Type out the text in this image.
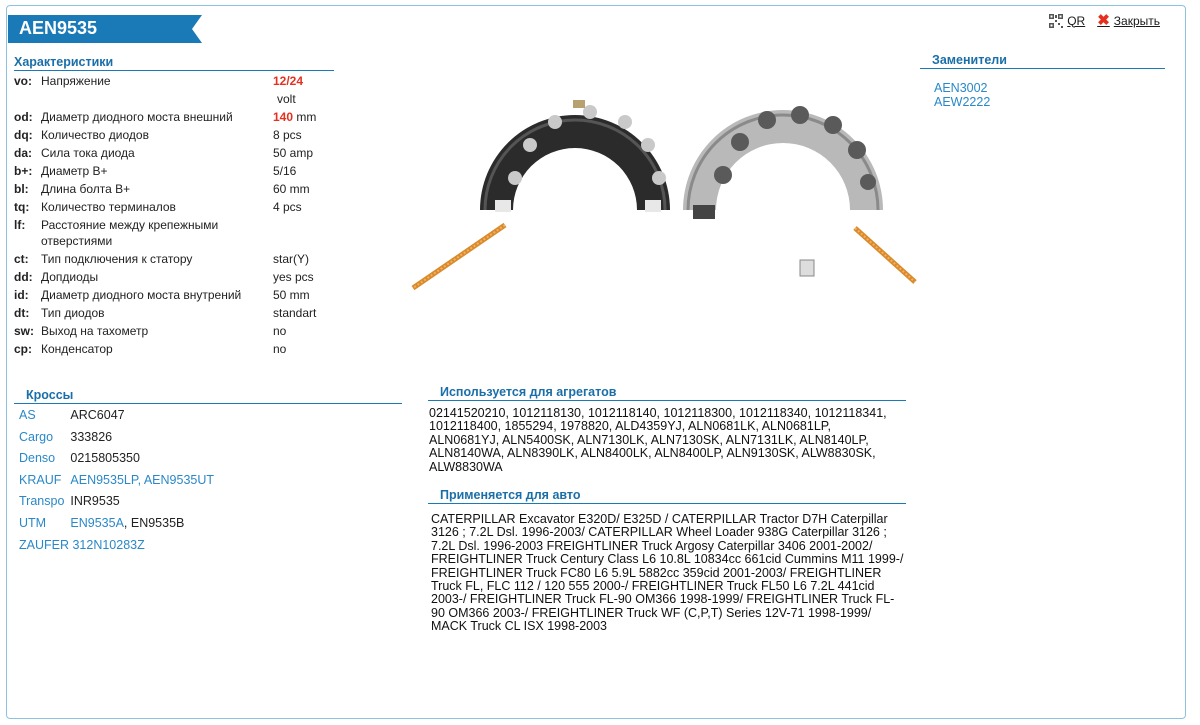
AEN9535	QR ✖ Закрыть
Характеристики
vo:	Напряжение	12/24
		volt
od:	Диаметр диодного моста внешний	140 mm
dq:	Количество диодов	8 pcs
da:	Сила тока диода	50 amp
b+:	Диаметр B+	5/16
bl:	Длина болта B+	60 mm
tq:	Количество терминалов	4 pcs
lf:	Расстояние между крепежными отверстиями	
ct:	Тип подключения к статору	star(Y)
dd:	Допдиоды	yes pcs
id:	Диаметр диодного моста внутрений	50 mm
dt:	Тип диодов	standart
sw:	Выход на тахометр	no
cp:	Конденсатор	no
Кроссы
AS	ARC6047
Cargo	333826
Denso	0215805350
KRAUF	AEN9535LP, AEN9535UT
Transpo	INR9535
UTM	EN9535A, EN9535B
ZAUFER 312N10283Z	
Используется для агрегатов
02141520210, 1012118130, 1012118140, 1012118300, 1012118340, 1012118341, 1012118400, 1855294, 1978820, ALD4359YJ, ALN0681LK, ALN0681LP, ALN0681YJ, ALN5400SK, ALN7130LK, ALN7130SK, ALN7131LK, ALN8140LP, ALN8140WA, ALN8390LK, ALN8400LK, ALN8400LP, ALN9130SK, ALW8830SK, ALW8830WA
Применяется для авто
CATERPILLAR Excavator E320D/ E325D / CATERPILLAR Tractor D7H Caterpillar 3126 ; 7.2L Dsl. 1996-2003/ CATERPILLAR Wheel Loader 938G Caterpillar 3126 ; 7.2L Dsl. 1996-2003 FREIGHTLINER Truck Argosy Caterpillar 3406 2001-2002/ FREIGHTLINER Truck Century Class L6 10.8L 10834cc 661cid Cummins M11 1999-/ FREIGHTLINER Truck FC80 L6 5.9L 5882cc 359cid 2001-2003/ FREIGHTLINER Truck FL, FLC 112 / 120 555 2000-/ FREIGHTLINER Truck FL50 L6 7.2L 441cid 2003-/ FREIGHTLINER Truck FL-90 OM366 1998-1999/ FREIGHTLINER Truck FL-90 OM366 2003-/ FREIGHTLINER Truck WF (C,P,T) Series 12V-71 1998-1999/ MACK Truck CL ISX 1998-2003
Заменители
AEN3002
AEW2222
